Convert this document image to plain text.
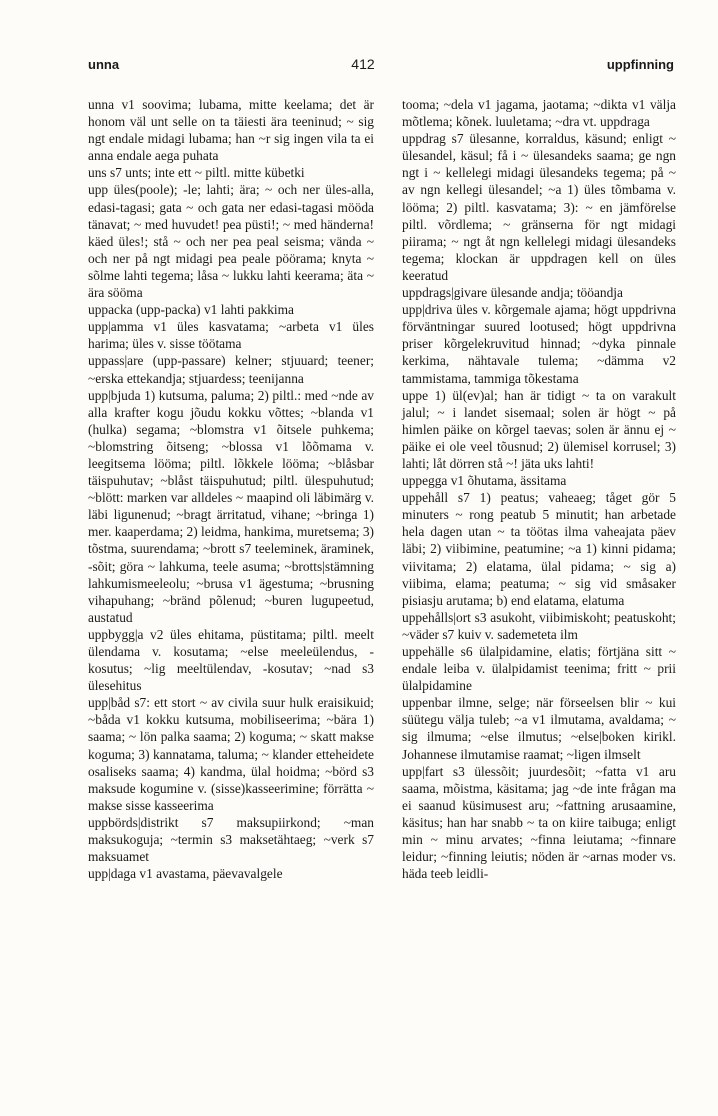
unna	412	uppfinning

unna v1 soovima; lubama, mitte keelama; det är honom väl unt selle on ta täiesti ära teeninud; ~ sig ngt endale midagi lubama; han ~r sig ingen vila ta ei anna endale aega puhata

uns s7 unts; inte ett ~ piltl. mitte kübetki

upp üles(poole); -le; lahti; ära; ~ och ner üles-alla, edasi-tagasi; gata ~ och gata ner edasi-tagasi mööda tänavat; ~ med huvudet! pea püsti!; ~ med händerna! käed üles!; stå ~ och ner pea peal seisma; vända ~ och ner på ngt midagi pea peale pöörama; knyta ~ sõlme lahti tegema; låsa ~ lukku lahti keerama; äta ~ ära sööma

uppacka (upp-packa) v1 lahti pakkima

upp|amma v1 üles kasvatama; ~arbeta v1 üles harima; üles v. sisse töötama

uppass|are (upp-passare) kelner; stjuuard; teener; ~erska ettekandja; stjuardess; teenijanna

upp|bjuda 1) kutsuma, paluma; 2) piltl.: med ~nde av alla krafter kogu jõudu kokku võttes; ~blanda v1 (hulka) segama; ~blomstra v1 õitsele puhkema; ~blomstring õitseng; ~blossa v1 lõõmama v. leegitsema lööma; piltl. lõkkele lööma; ~blåsbar täispuhutav; ~blåst täispuhutud; piltl. ülespuhutud; ~blött: marken var alldeles ~ maapind oli läbimärg v. läbi ligunenud; ~bragt ärritatud, vihane; ~bringa 1) mer. kaaperdama; 2) leidma, hankima, muretsema; 3) tõstma, suurendama; ~brott s7 teeleminek, äraminek, -sõit; göra ~ lahkuma, teele asuma; ~brotts|stämning lahkumismeeleolu; ~brusa v1 ägestuma; ~brusning vihapuhang; ~bränd põlenud; ~buren lugupeetud, austatud

uppbygg|a v2 üles ehitama, püstitama; piltl. meelt ülendama v. kosutama; ~else meeleülendus, -kosutus; ~lig meeltülendav, -kosutav; ~nad s3 ülesehitus

upp|båd s7: ett stort ~ av civila suur hulk eraisikuid; ~båda v1 kokku kutsuma, mobiliseerima; ~bära 1) saama; ~ lön palka saama; 2) koguma; ~ skatt makse koguma; 3) kannatama, taluma; ~ klander etteheidete osaliseks saama; 4) kandma, ülal hoidma; ~börd s3 maksude kogumine v. (sisse)kasseerimine; förrätta ~ makse sisse kasseerima

uppbörds|distrikt s7 maksupiirkond; ~man maksukoguja; ~termin s3 maksetähtaeg; ~verk s7 maksuamet

upp|daga v1 avastama, päevavalgele

tooma; ~dela v1 jagama, jaotama; ~dikta v1 välja mõtlema; kõnek. luuletama; ~dra vt. uppdraga

uppdrag s7 ülesanne, korraldus, käsund; enligt ~ ülesandel, käsul; få i ~ ülesandeks saama; ge ngn ngt i ~ kellelegi midagi ülesandeks tegema; på ~ av ngn kellegi ülesandel; ~a 1) üles tõmbama v. lööma; 2) piltl. kasvatama; 3): ~ en jämförelse piltl. võrdlema; ~ gränserna för ngt midagi piirama; ~ ngt åt ngn kellelegi midagi ülesandeks tegema; klockan är uppdragen kell on üles keeratud

uppdrags|givare ülesande andja; tööandja

upp|driva üles v. kõrgemale ajama; högt uppdrivna förväntningar suured lootused; högt uppdrivna priser kõrgelekruvitud hinnad; ~dyka pinnale kerkima, nähtavale tulema; ~dämma v2 tammistama, tammiga tõkestama

uppe 1) ül(ev)al; han är tidigt ~ ta on varakult jalul; ~ i landet sisemaal; solen är högt ~ på himlen päike on kõrgel taevas; solen är ännu ej ~ päike ei ole veel tõusnud; 2) ülemisel korrusel; 3) lahti; låt dörren stå ~! jäta uks lahti!

uppegga v1 õhutama, ässitama

uppehåll s7 1) peatus; vaheaeg; tåget gör 5 minuters ~ rong peatub 5 minutit; han arbetade hela dagen utan ~ ta töötas ilma vaheajata päev läbi; 2) viibimine, peatumine; ~a 1) kinni pidama; viivitama; 2) elatama, ülal pidama; ~ sig a) viibima, elama; peatuma; ~ sig vid småsaker pisiasju arutama; b) end elatama, elatuma

uppehålls|ort s3 asukoht, viibimiskoht; peatuskoht; ~väder s7 kuiv v. sademeteta ilm

uppehälle s6 ülalpidamine, elatis; förtjäna sitt ~ endale leiba v. ülalpidamist teenima; fritt ~ prii ülalpidamine

uppenbar ilmne, selge; när förseelsen blir ~ kui süütegu välja tuleb; ~a v1 ilmutama, avaldama; ~ sig ilmuma; ~else ilmutus; ~else|boken kirikl. Johannese ilmutamise raamat; ~ligen ilmselt

upp|fart s3 ülessõit; juurdesõit; ~fatta v1 aru saama, mõistma, käsitama; jag ~de inte frågan ma ei saanud küsimusest aru; ~fattning arusaamine, käsitus; han har snabb ~ ta on kiire taibuga; enligt min ~ minu arvates; ~finna leiutama; ~finnare leidur; ~finning leiutis; nöden är ~arnas moder vs. häda teeb leidli-
